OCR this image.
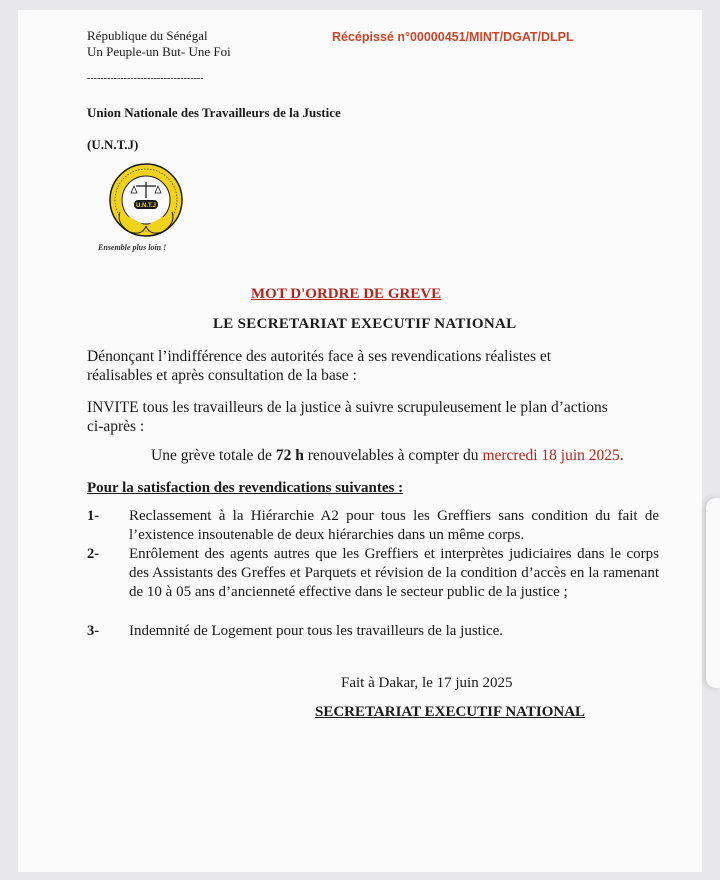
République du Sénégal
Un Peuple-un But- Une Foi
Récépissé n°00000451/MINT/DGAT/DLPL
-----------------------------------
Union Nationale des Travailleurs de la Justice
(U.N.T.J)
U.N.T.J
Ensemble plus loin !
MOT D'ORDRE DE GREVE
LE SECRETARIAT EXECUTIF NATIONAL
Dénonçant l’indifférence des autorités face à ses revendications réalistes et
réalisables et après consultation de la base :
INVITE tous les travailleurs de la justice à suivre scrupuleusement le plan d’actions
ci-après :
Une grève totale de 72 h renouvelables à compter du mercredi 18 juin 2025.
Pour la satisfaction des revendications suivantes :
1- Reclassement à la Hiérarchie A2 pour tous les Greffiers sans condition du fait de l’existence insoutenable de deux hiérarchies dans un même corps.
2- Enrôlement des agents autres que les Greffiers et interprètes judiciaires dans le corps des Assistants des Greffes et Parquets et révision de la condition d’accès en la ramenant de 10 à 05 ans d’ancienneté effective dans le secteur public de la justice ;
3- Indemnité de Logement pour tous les travailleurs de la justice.
Fait à Dakar, le 17 juin 2025
SECRETARIAT EXECUTIF NATIONAL
